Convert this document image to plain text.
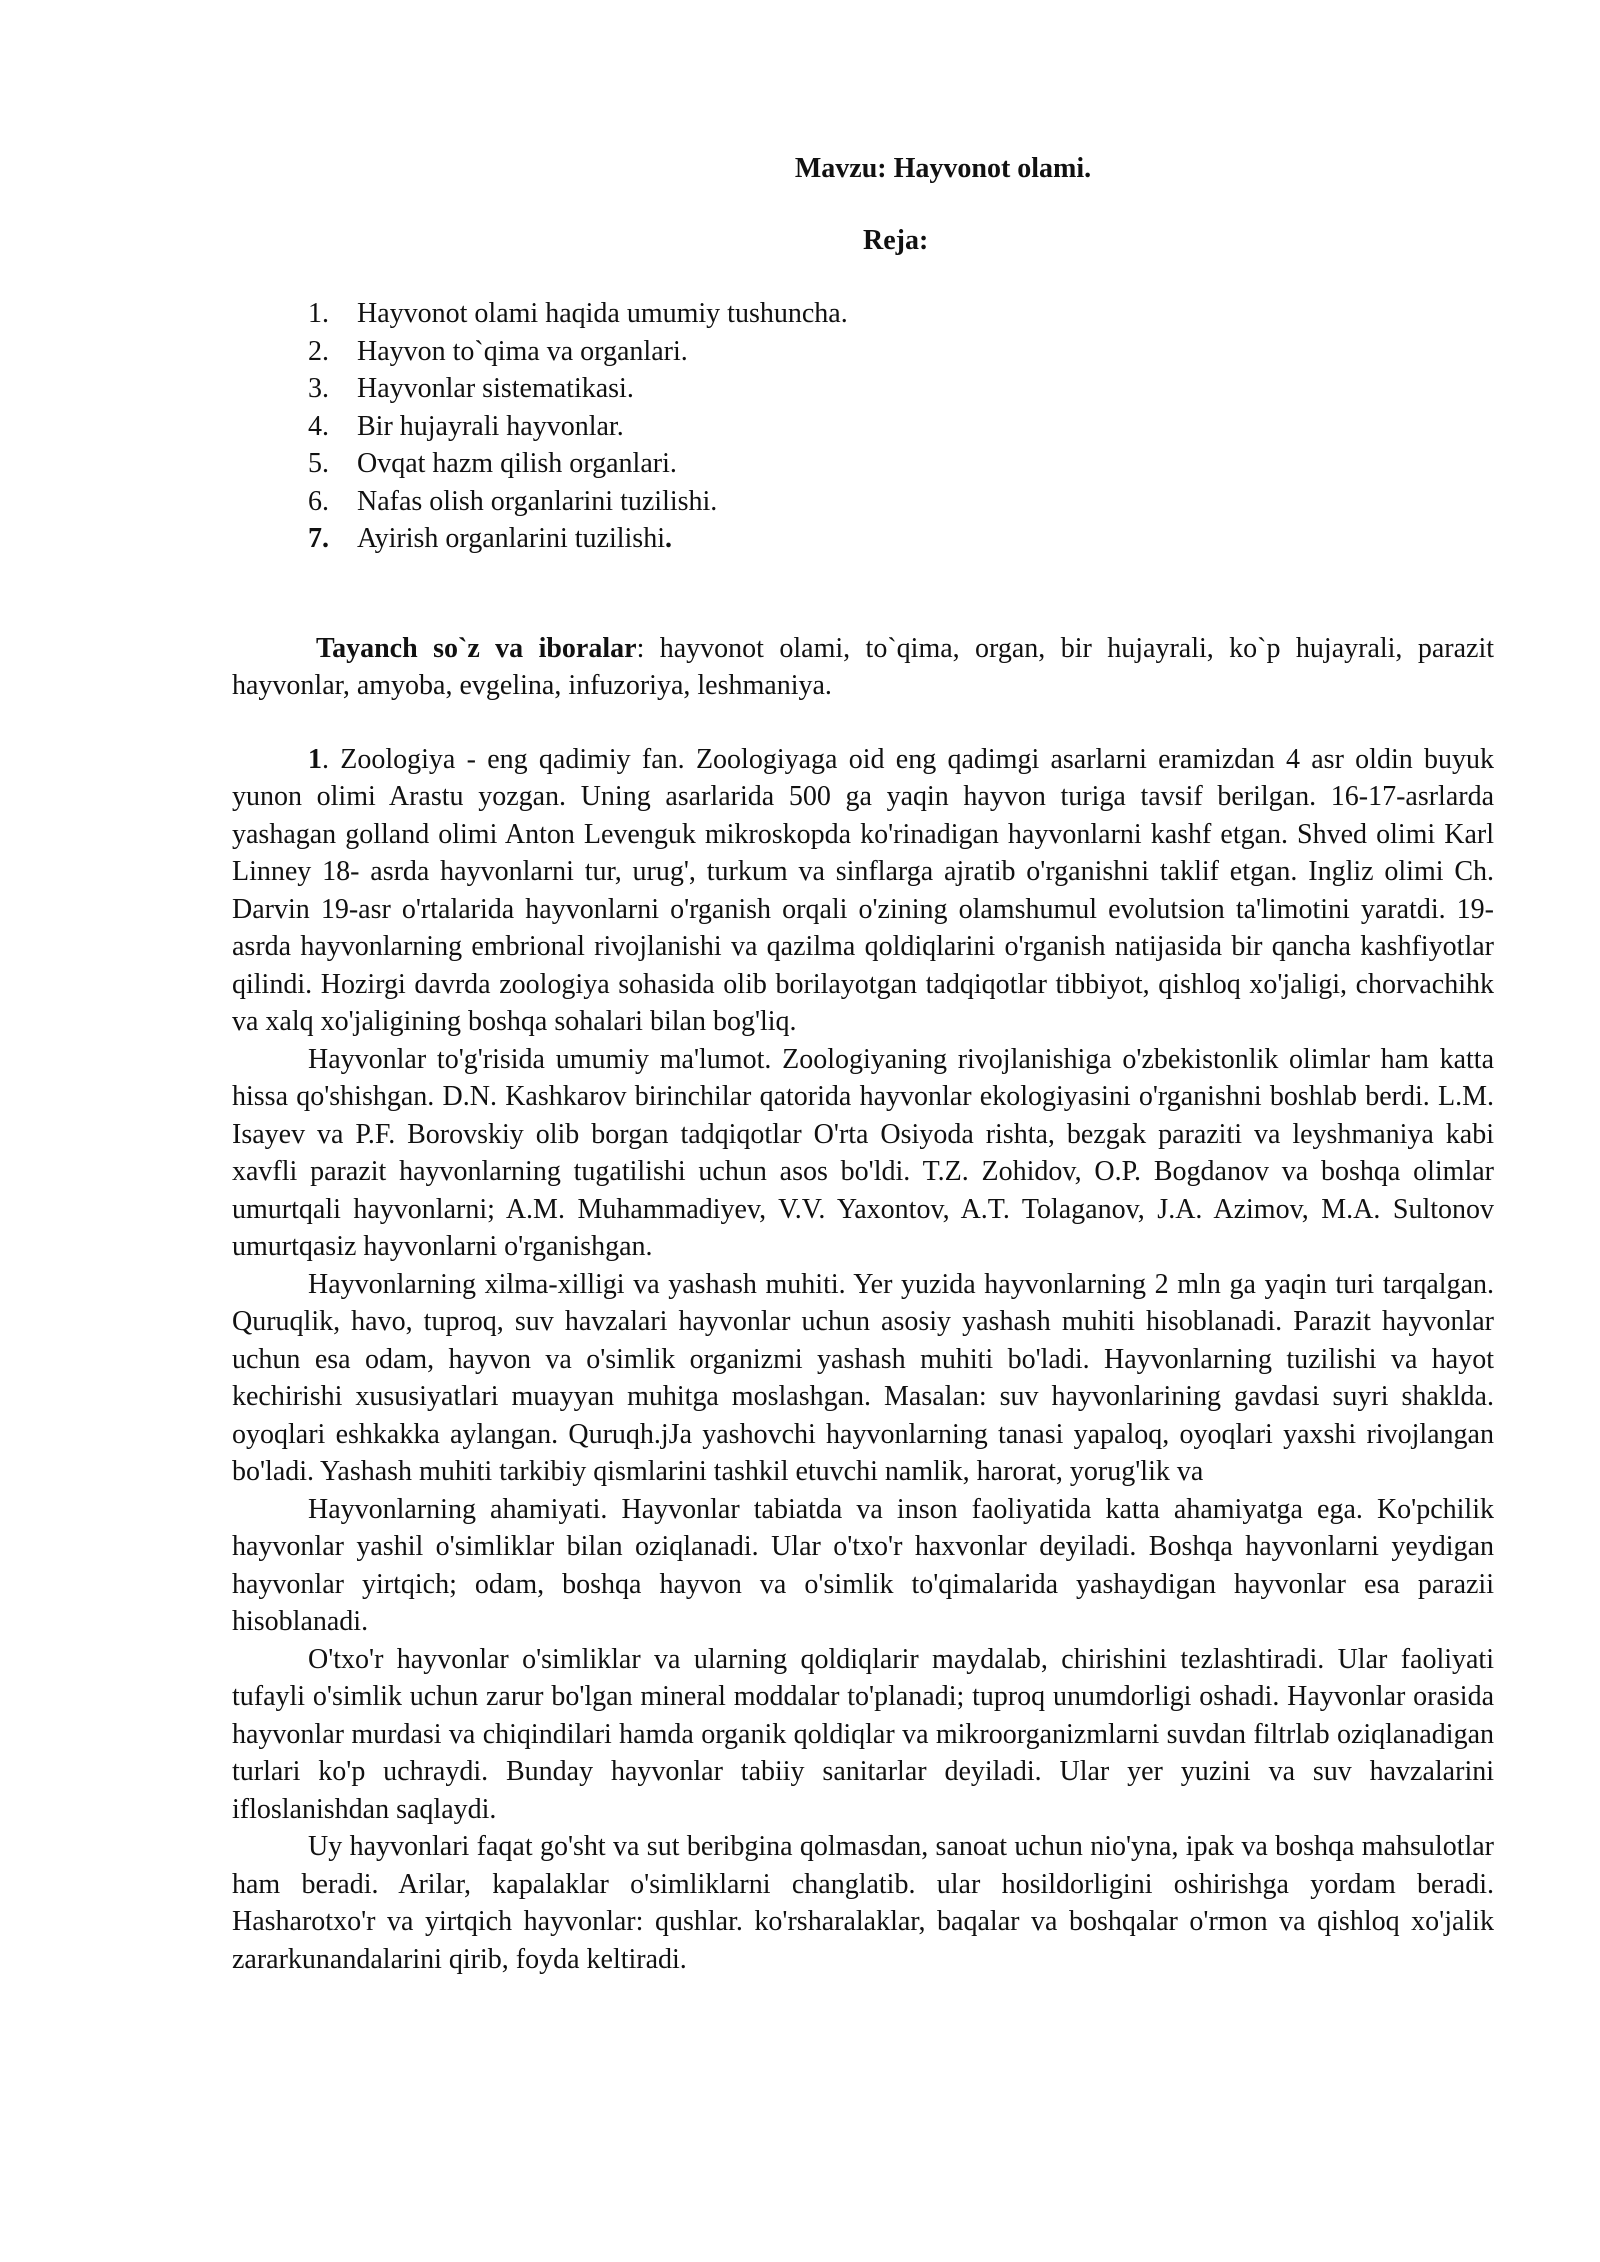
Mavzu: Hayvonot olami.
Reja:
1.	Hayvonot olami haqida umumiy tushuncha.
2.	Hayvon to`qima va organlari.
3.	Hayvonlar sistematikasi.
4.	Bir hujayrali hayvonlar.
5.	Ovqat hazm qilish organlari.
6.	Nafas olish organlarini tuzilishi.
7.	Ayirish organlarini tuzilishi.

Tayanch so`z va iboralar: hayvonot olami, to`qima, organ, bir hujayrali, ko`p hujayrali, parazit hayvonlar, amyoba, evgelina, infuzoriya, leshmaniya.

1. Zoologiya - eng qadimiy fan. Zoologiyaga oid eng qadimgi asarlarni eramizdan 4 asr oldin buyuk yunon olimi Arastu yozgan. Uning asarlarida 500 ga yaqin hayvon turiga tavsif berilgan. 16-17-asrlarda yashagan golland olimi Anton Levenguk mikroskopda ko'rinadigan hayvonlarni kashf etgan. Shved olimi Karl Linney 18- asrda hayvonlarni tur, urug', turkum va sinflarga ajratib o'rganishni taklif etgan. Ingliz olimi Ch. Darvin 19-asr o'rtalarida hayvonlarni o'rganish orqali o'zining olamshumul evolutsion ta'limotini yaratdi. 19-asrda hayvonlarning embrional rivojlanishi va qazilma qoldiqlarini o'rganish natijasida bir qancha kashfiyotlar qilindi. Hozirgi davrda zoologiya sohasida olib borilayotgan tadqiqotlar tibbiyot, qishloq xo'jaligi, chorvachihk va xalq xo'jaligining boshqa sohalari bilan bog'liq.

Hayvonlar to'g'risida umumiy ma'lumot. Zoologiyaning rivojlanishiga o'zbekistonlik olimlar ham katta hissa qo'shishgan. D.N. Kashkarov birinchilar qatorida hayvonlar ekologiyasini o'rganishni boshlab berdi. L.M. Isayev va P.F. Borovskiy olib borgan tadqiqotlar O'rta Osiyoda rishta, bezgak paraziti va leyshmaniya kabi xavfli parazit hayvonlarning tugatilishi uchun asos bo'ldi. T.Z. Zohidov, O.P. Bogdanov va boshqa olimlar umurtqali hayvonlarni; A.M. Muhammadiyev, V.V. Yaxontov, A.T. Tolaganov, J.A. Azimov, M.A. Sultonov umurtqasiz hayvonlarni o'rganishgan.

Hayvonlarning xilma-xilligi va yashash muhiti. Yer yuzida hayvonlarning 2 mln ga yaqin turi tarqalgan. Quruqlik, havo, tuproq, suv havzalari hayvonlar uchun asosiy yashash muhiti hisoblanadi. Parazit hayvonlar uchun esa odam, hayvon va o'simlik organizmi yashash muhiti bo'ladi. Hayvonlarning tuzilishi va hayot kechirishi xususiyatlari muayyan muhitga moslashgan. Masalan: suv hayvonlarining gavdasi suyri shaklda. oyoqlari eshkakka aylangan. Quruqh.jJa yashovchi hayvonlarning tanasi yapaloq, oyoqlari yaxshi rivojlangan bo'ladi. Yashash muhiti tarkibiy qismlarini tashkil etuvchi namlik, harorat, yorug'lik va

Hayvonlarning ahamiyati. Hayvonlar tabiatda va inson faoliyatida katta ahamiyatga ega. Ko'pchilik hayvonlar yashil o'simliklar bilan oziqlanadi. Ular o'txo'r haxvonlar deyiladi. Boshqa hayvonlarni yeydigan hayvonlar yirtqich; odam, boshqa hayvon va o'simlik to'qimalarida yashaydigan hayvonlar esa parazii hisoblanadi.

O'txo'r hayvonlar o'simliklar va ularning qoldiqlarir maydalab, chirishini tezlashtiradi. Ular faoliyati tufayli o'simlik uchun zarur bo'lgan mineral moddalar to'planadi; tuproq unumdorligi oshadi. Hayvonlar orasida hayvonlar murdasi va chiqindilari hamda organik qoldiqlar va mikroorganizmlarni suvdan filtrlab oziqlanadigan turlari ko'p uchraydi. Bunday hayvonlar tabiiy sanitarlar deyiladi. Ular yer yuzini va suv havzalarini ifloslanishdan saqlaydi.

Uy hayvonlari faqat go'sht va sut beribgina qolmasdan, sanoat uchun nio'yna, ipak va boshqa mahsulotlar ham beradi. Arilar, kapalaklar o'simliklarni changlatib. ular hosildorligini oshirishga yordam beradi. Hasharotxo'r va yirtqich hayvonlar: qushlar. ko'rsharalaklar, baqalar va boshqalar o'rmon va qishloq xo'jalik zararkunandalarini qirib, foyda keltiradi.
